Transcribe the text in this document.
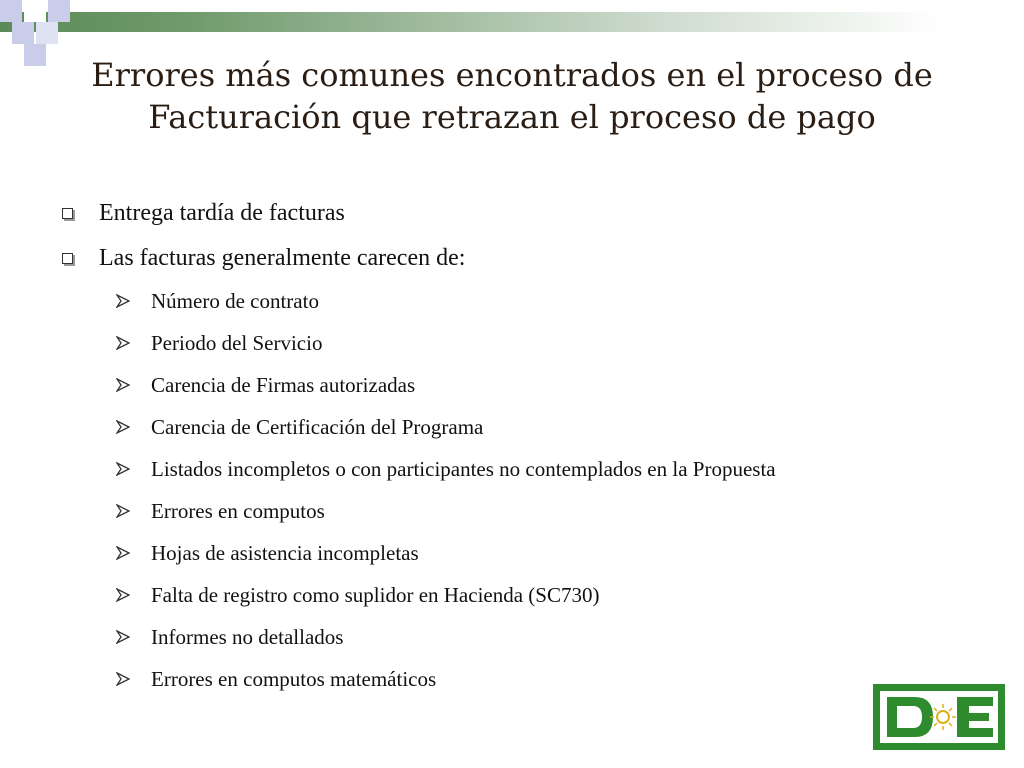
Errores más comunes encontrados en el proceso de
Facturación que retrazan el proceso de pago
Entrega tardía de facturas
Las facturas generalmente carecen de:
Número de contrato
Periodo del Servicio
Carencia de Firmas autorizadas
Carencia de Certificación del Programa
Listados incompletos o con participantes no contemplados en la Propuesta
Errores en computos
Hojas de asistencia incompletas
Falta de registro como suplidor en Hacienda (SC730)
Informes no detallados
Errores en computos matemáticos
